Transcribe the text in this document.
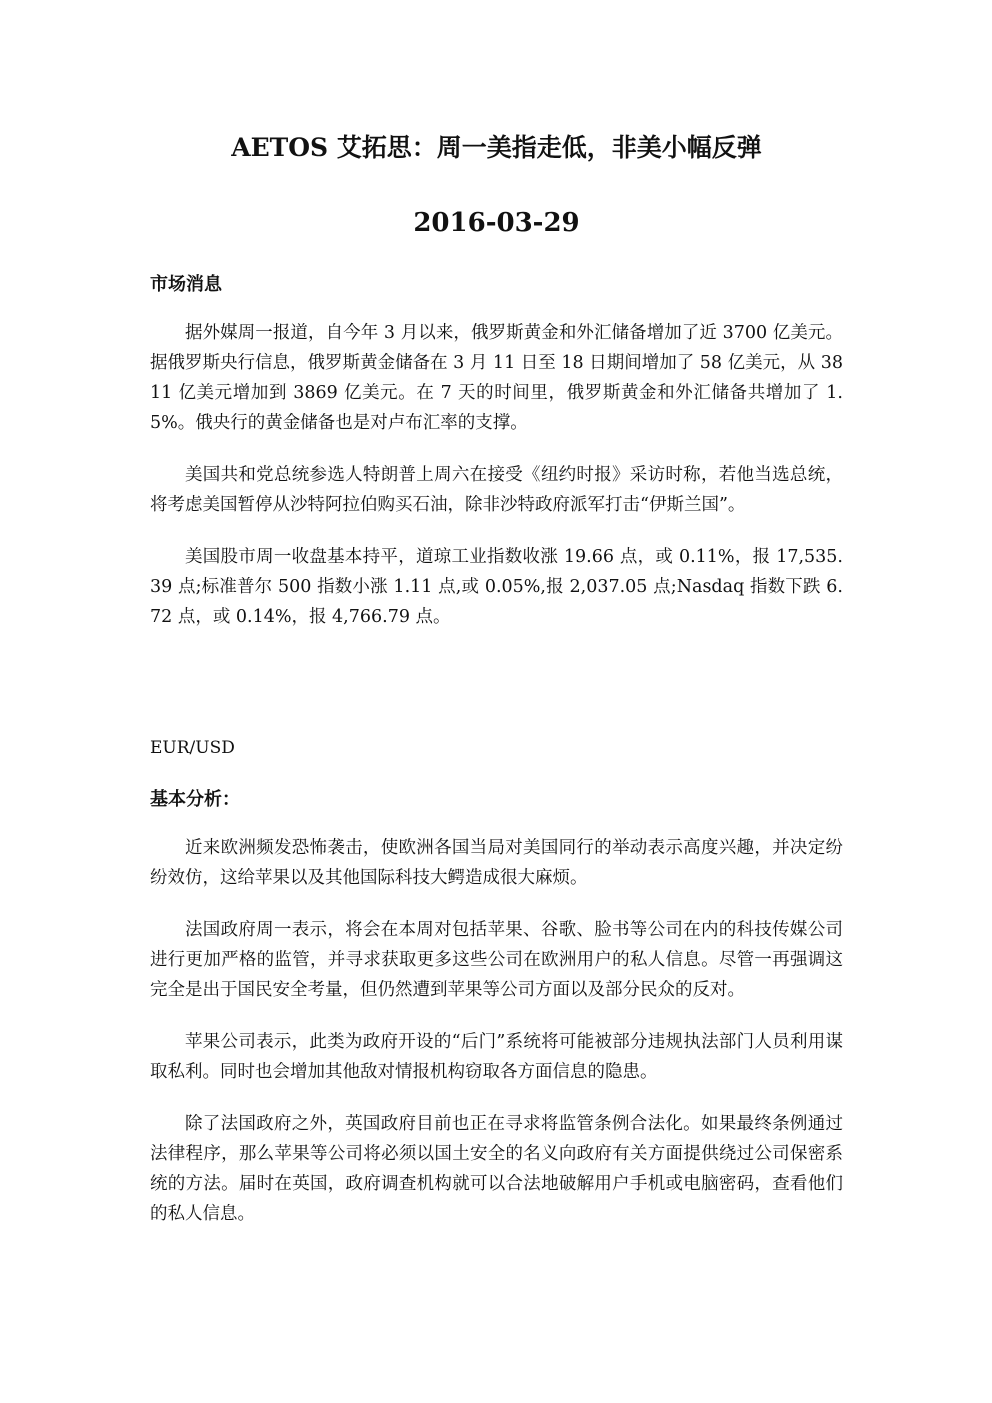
AETOS 艾拓思：周一美指走低，非美小幅反弹
2016-03-29
市场消息

据外媒周一报道，自今年 3 月以来，俄罗斯黄金和外汇储备增加了近 3700 亿美元。据俄罗斯央行信息，俄罗斯黄金储备在 3 月 11 日至 18 日期间增加了 58 亿美元，从 3811 亿美元增加到 3869 亿美元。在 7 天的时间里，俄罗斯黄金和外汇储备共增加了 1.5%。俄央行的黄金储备也是对卢布汇率的支撑。

美国共和党总统参选人特朗普上周六在接受《纽约时报》采访时称，若他当选总统，将考虑美国暂停从沙特阿拉伯购买石油，除非沙特政府派军打击“伊斯兰国”。

美国股市周一收盘基本持平，道琼工业指数收涨 19.66 点，或 0.11%，报 17,535.39 点;标准普尔 500 指数小涨 1.11 点,或 0.05%,报 2,037.05 点;Nasdaq 指数下跌 6.72 点，或 0.14%，报 4,766.79 点。

EUR/USD
基本分析：

近来欧洲频发恐怖袭击，使欧洲各国当局对美国同行的举动表示高度兴趣，并决定纷纷效仿，这给苹果以及其他国际科技大鳄造成很大麻烦。

法国政府周一表示，将会在本周对包括苹果、谷歌、脸书等公司在内的科技传媒公司进行更加严格的监管，并寻求获取更多这些公司在欧洲用户的私人信息。尽管一再强调这完全是出于国民安全考量，但仍然遭到苹果等公司方面以及部分民众的反对。

苹果公司表示，此类为政府开设的“后门”系统将可能被部分违规执法部门人员利用谋取私利。同时也会增加其他敌对情报机构窃取各方面信息的隐患。

除了法国政府之外，英国政府目前也正在寻求将监管条例合法化。如果最终条例通过法律程序，那么苹果等公司将必须以国土安全的名义向政府有关方面提供绕过公司保密系统的方法。届时在英国，政府调查机构就可以合法地破解用户手机或电脑密码，查看他们的私人信息。
